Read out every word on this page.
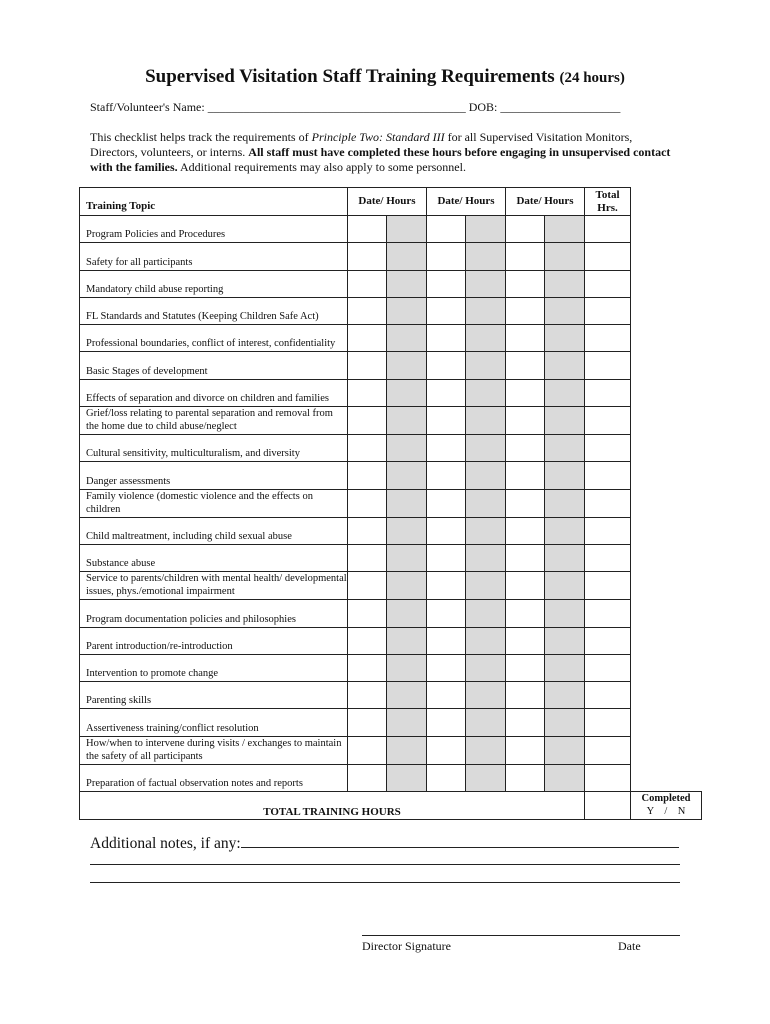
Supervised Visitation Staff Training Requirements (24 hours)
Staff/Volunteer's Name: ___________________________________________ DOB: ____________________
This checklist helps track the requirements of Principle Two: Standard III for all Supervised Visitation Monitors, Directors, volunteers, or interns. All staff must have completed these hours before engaging in unsupervised contact with the families. Additional requirements may also apply to some personnel.
Training Topic	Date/ Hours		Date/ Hours		Date/ Hours		Total Hrs.	
Program Policies and Procedures								
Safety for all participants								
Mandatory child abuse reporting								
FL Standards and Statutes (Keeping Children Safe Act)								
Professional boundaries, conflict of interest, confidentiality								
Basic Stages of development								
Effects of separation and divorce on children and families								
Grief/loss relating to parental separation and removal from the home due to child abuse/neglect								
Cultural sensitivity, multiculturalism, and diversity								
Danger assessments								
Family violence (domestic violence and the effects on children								
Child maltreatment, including child sexual abuse								
Substance abuse								
Service to parents/children with mental health/ developmental issues, phys./emotional impairment								
Program documentation policies and philosophies								
Parent introduction/re-introduction								
Intervention to promote change								
Parenting skills								
Assertiveness training/conflict resolution								
How/when to intervene during visits / exchanges to maintain the safety of all participants								
Preparation of factual observation notes and reports								
TOTAL TRAINING HOURS								Completed
Y    /    N
Additional notes, if any:
Director Signature	Date
